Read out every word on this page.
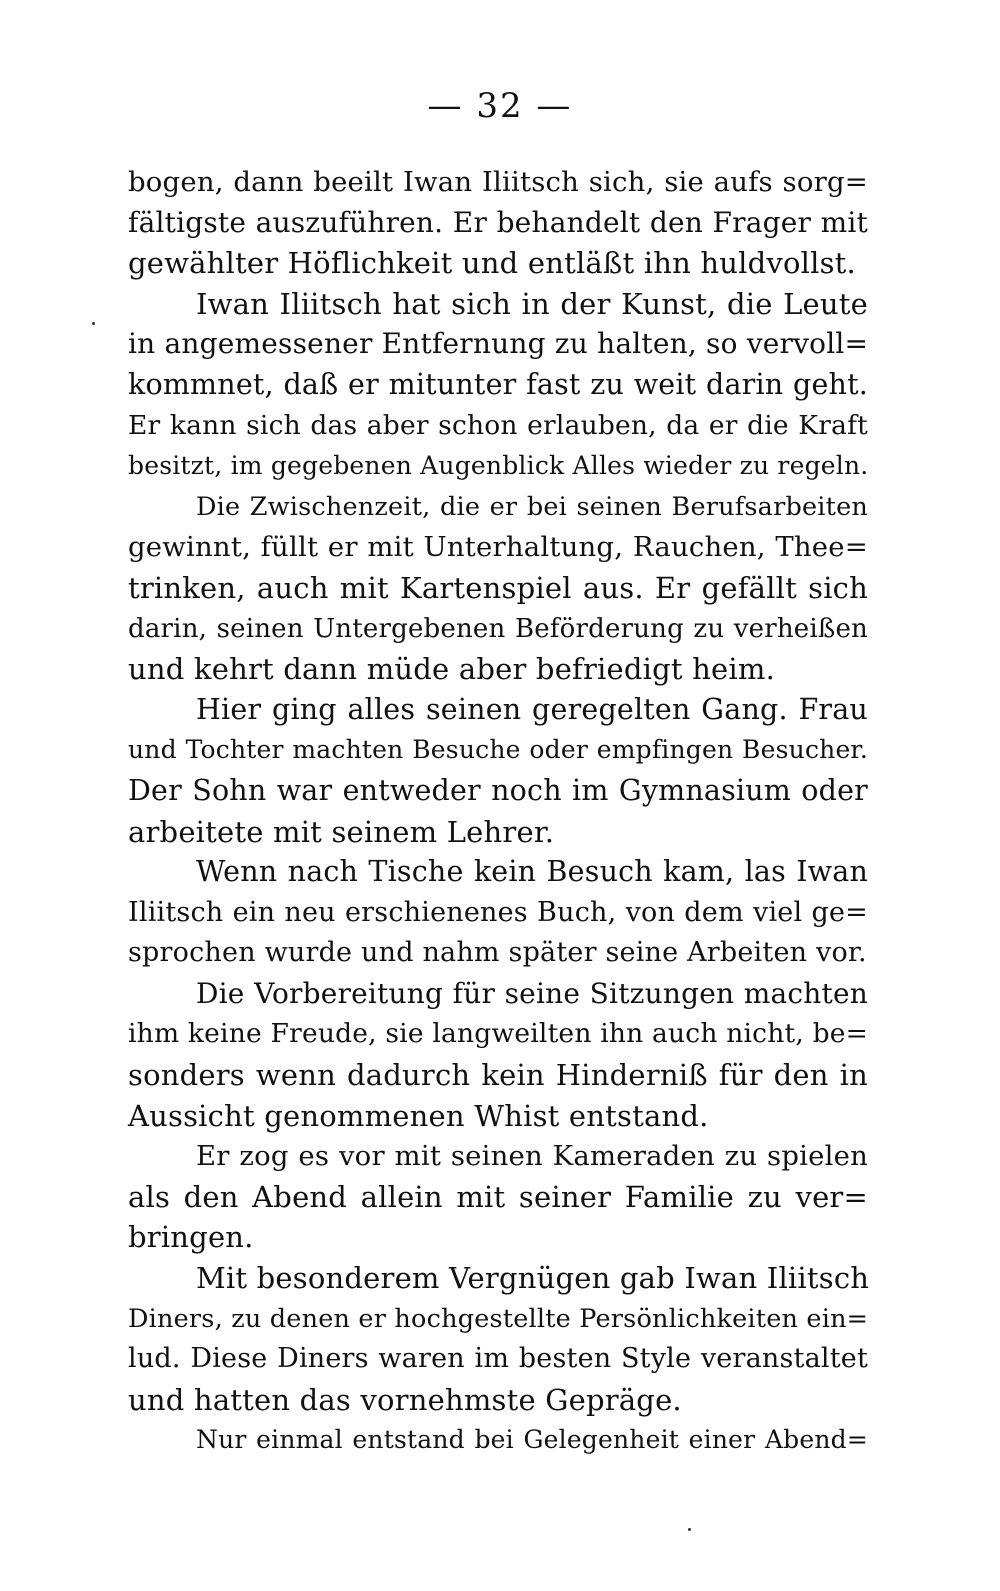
— 32 —
bogen, dann beeilt Iwan Iliitsch sich, sie aufs sorg=
fältigste auszuführen. Er behandelt den Frager mit
gewählter Höflichkeit und entläßt ihn huldvollst.
Iwan Iliitsch hat sich in der Kunst, die Leute
in angemessener Entfernung zu halten, so vervoll=
kommnet, daß er mitunter fast zu weit darin geht.
Er kann sich das aber schon erlauben, da er die Kraft
besitzt, im gegebenen Augenblick Alles wieder zu regeln.
Die Zwischenzeit, die er bei seinen Berufsarbeiten
gewinnt, füllt er mit Unterhaltung, Rauchen, Thee=
trinken, auch mit Kartenspiel aus. Er gefällt sich
darin, seinen Untergebenen Beförderung zu verheißen
und kehrt dann müde aber befriedigt heim.
Hier ging alles seinen geregelten Gang. Frau
und Tochter machten Besuche oder empfingen Besucher.
Der Sohn war entweder noch im Gymnasium oder
arbeitete mit seinem Lehrer.
Wenn nach Tische kein Besuch kam, las Iwan
Iliitsch ein neu erschienenes Buch, von dem viel ge=
sprochen wurde und nahm später seine Arbeiten vor.
Die Vorbereitung für seine Sitzungen machten
ihm keine Freude, sie langweilten ihn auch nicht, be=
sonders wenn dadurch kein Hinderniß für den in
Aussicht genommenen Whist entstand.
Er zog es vor mit seinen Kameraden zu spielen
als den Abend allein mit seiner Familie zu ver=
bringen.
Mit besonderem Vergnügen gab Iwan Iliitsch
Diners, zu denen er hochgestellte Persönlichkeiten ein=
lud. Diese Diners waren im besten Style veranstaltet
und hatten das vornehmste Gepräge.
Nur einmal entstand bei Gelegenheit einer Abend=
